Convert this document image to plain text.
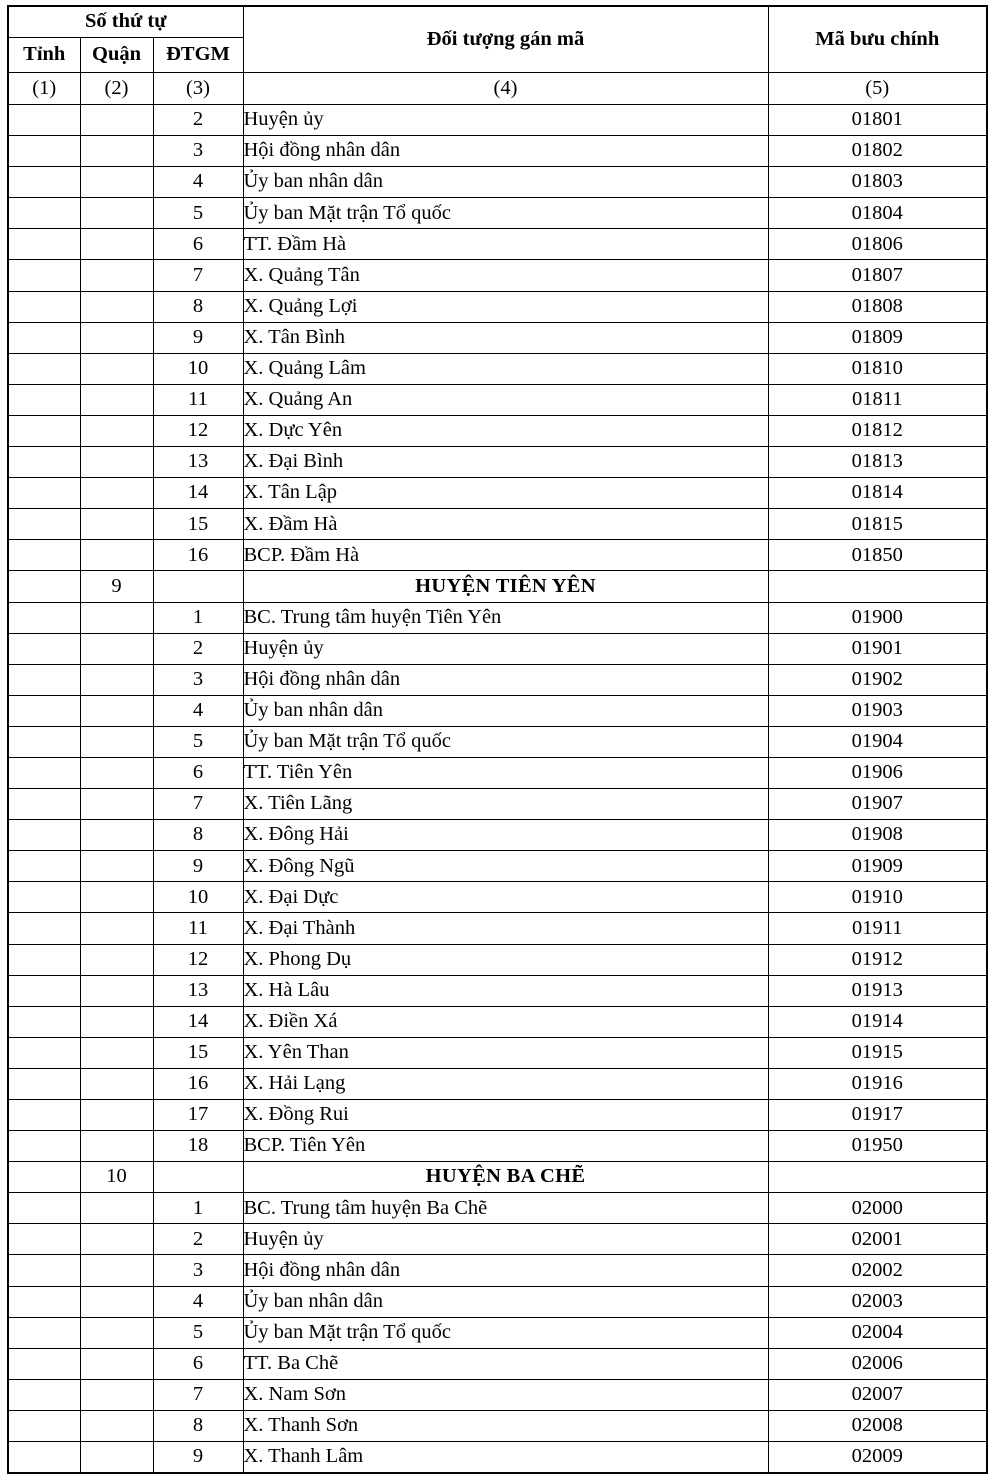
Số thứ tự			Đối tượng gán mã	Mã bưu chính
Tỉnh	Quận	ĐTGM		
(1)	(2)	(3)	(4)	(5)
		2	Huyện ủy	01801
		3	Hội đồng nhân dân	01802
		4	Ủy ban nhân dân	01803
		5	Ủy ban Mặt trận Tổ quốc	01804
		6	TT. Đầm Hà	01806
		7	X. Quảng Tân	01807
		8	X. Quảng Lợi	01808
		9	X. Tân Bình	01809
		10	X. Quảng Lâm	01810
		11	X. Quảng An	01811
		12	X. Dực Yên	01812
		13	X. Đại Bình	01813
		14	X. Tân Lập	01814
		15	X. Đầm Hà	01815
		16	BCP. Đầm Hà	01850
	9		HUYỆN TIÊN YÊN	
		1	BC. Trung tâm huyện Tiên Yên	01900
		2	Huyện ủy	01901
		3	Hội đồng nhân dân	01902
		4	Ủy ban nhân dân	01903
		5	Ủy ban Mặt trận Tổ quốc	01904
		6	TT. Tiên Yên	01906
		7	X. Tiên Lãng	01907
		8	X. Đông Hải	01908
		9	X. Đông Ngũ	01909
		10	X. Đại Dực	01910
		11	X. Đại Thành	01911
		12	X. Phong Dụ	01912
		13	X. Hà Lâu	01913
		14	X. Điền Xá	01914
		15	X. Yên Than	01915
		16	X. Hải Lạng	01916
		17	X. Đồng Rui	01917
		18	BCP. Tiên Yên	01950
	10		HUYỆN BA CHẼ	
		1	BC. Trung tâm huyện Ba Chẽ	02000
		2	Huyện ủy	02001
		3	Hội đồng nhân dân	02002
		4	Ủy ban nhân dân	02003
		5	Ủy ban Mặt trận Tổ quốc	02004
		6	TT. Ba Chẽ	02006
		7	X. Nam Sơn	02007
		8	X. Thanh Sơn	02008
		9	X. Thanh Lâm	02009
